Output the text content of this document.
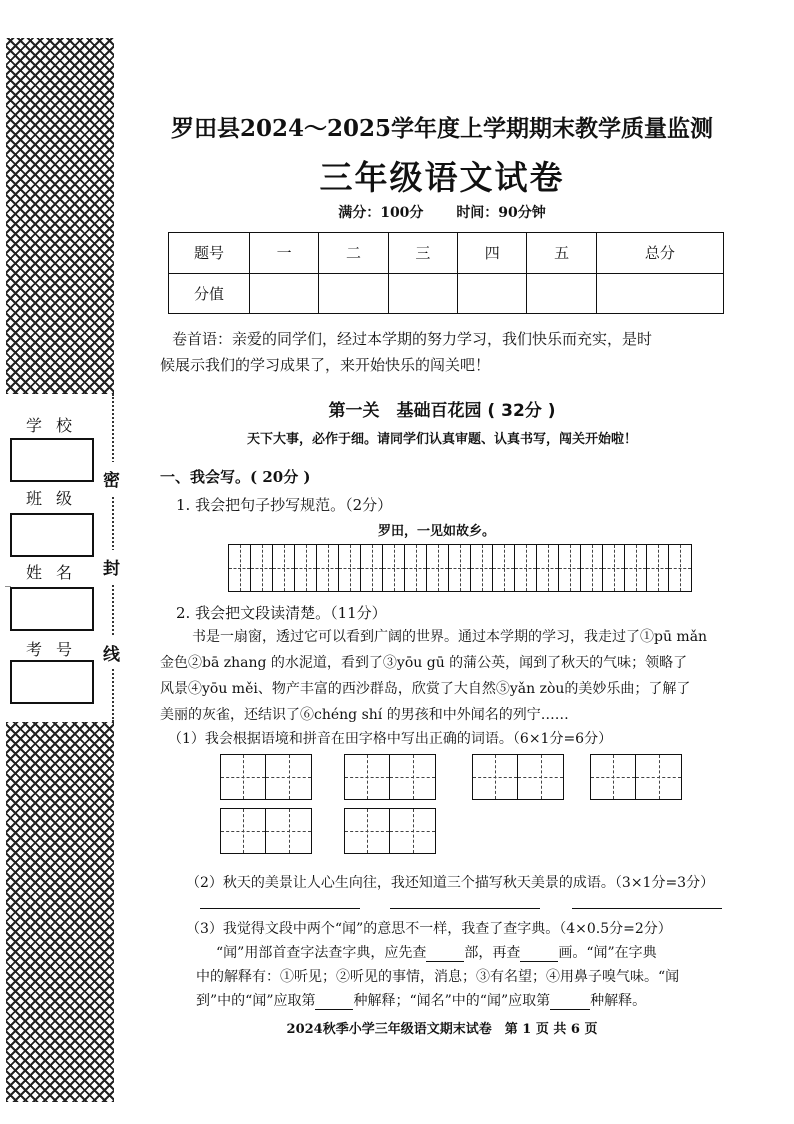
学校
班级
姓名
_
考号
密
封
线
罗田县2024～2025学年度上学期期末教学质量监测
三年级语文试卷
满分：100分 时间：90分钟
题号	一	二	三	四	五	总分
分值						
卷首语：亲爱的同学们，经过本学期的努力学习，我们快乐而充实，是时
候展示我们的学习成果了，来开始快乐的闯关吧！
第一关　基础百花园 ( 32分 )
天下大事，必作于细。请同学们认真审题、认真书写，闯关开始啦！
一、我会写。( 20分 )
1. 我会把句子抄写规范。（2分）
罗田，一见如故乡。
2. 我会把文段读清楚。（11分）
书是一扇窗，透过它可以看到广阔的世界。通过本学期的学习，我走过了①pū mǎn
金色②bā zhang 的水泥道，看到了③yōu gū 的蒲公英，闻到了秋天的气味；领略了
风景④yōu měi、物产丰富的西沙群岛，欣赏了大自然⑤yǎn zòu的美妙乐曲；了解了
美丽的灰雀，还结识了⑥chéng shí 的男孩和中外闻名的列宁……
（1）我会根据语境和拼音在田字格中写出正确的词语。（6×1分=6分）
（2）秋天的美景让人心生向往，我还知道三个描写秋天美景的成语。（3×1分=3分）
（3）我觉得文段中两个“闻”的意思不一样，我查了查字典。（4×0.5分=2分）
“闻”用部首查字法查字典，应先查	部，再查	画。“闻”在字典
中的解释有：①听见；②听见的事情，消息；③有名望；④用鼻子嗅气味。“闻
到”中的“闻”应取第	种解释；“闻名”中的“闻”应取第	种解释。
2024秋季小学三年级语文期末试卷　第 1 页 共 6 页
